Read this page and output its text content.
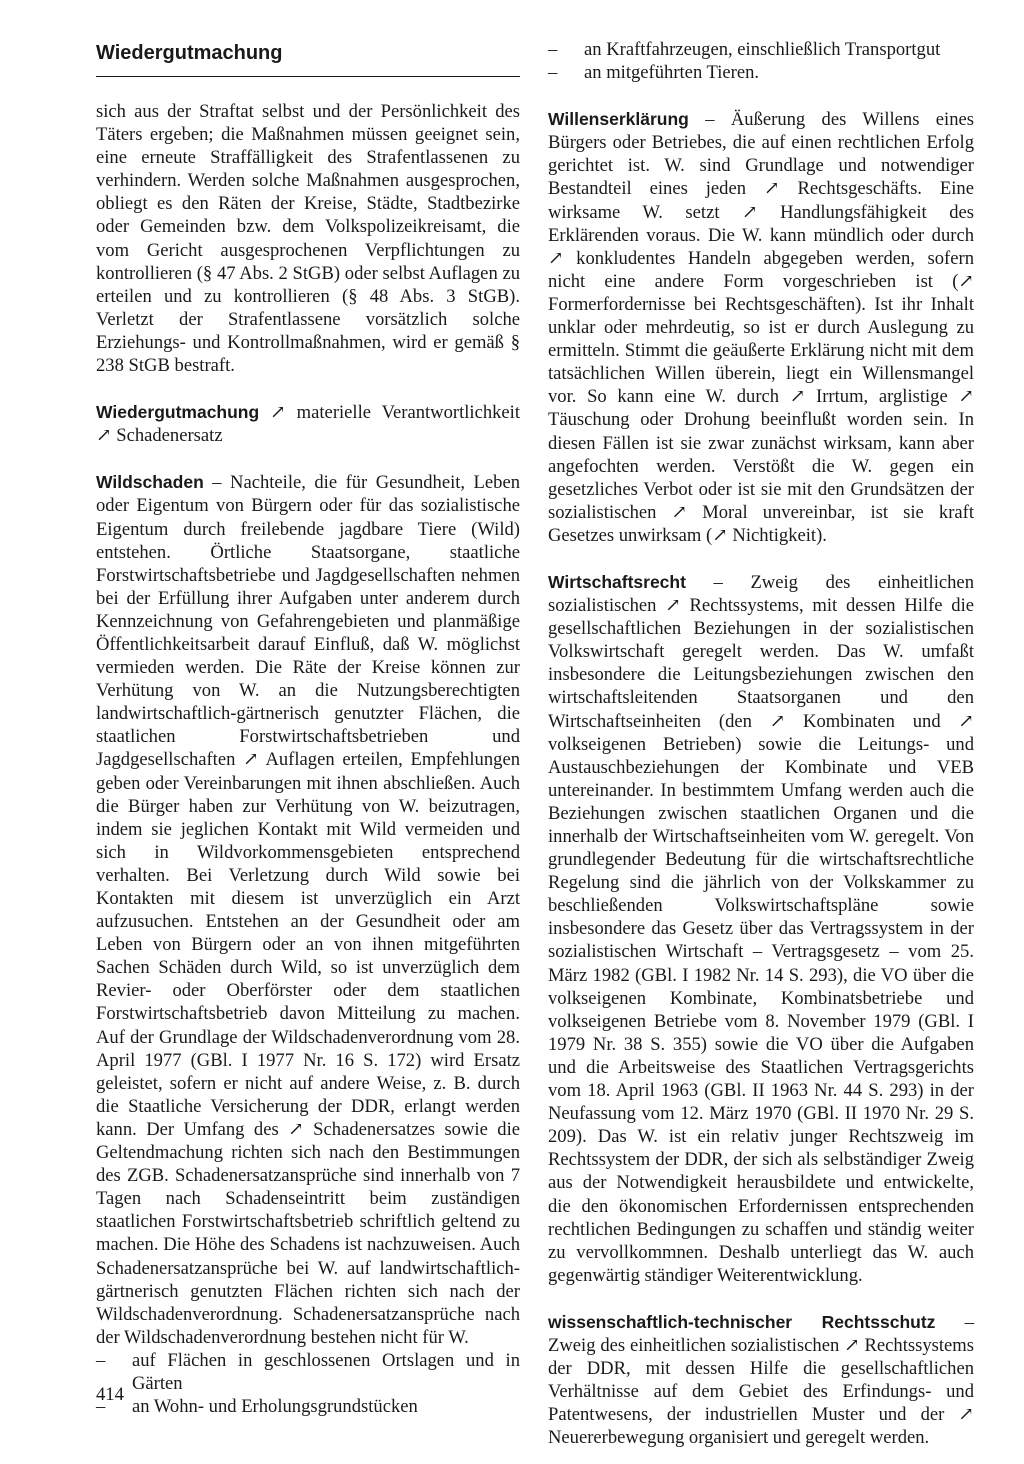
Wiedergutmachung

sich aus der Straftat selbst und der Persönlichkeit des Täters ergeben; die Maßnahmen müssen geeignet sein, eine erneute Straffälligkeit des Strafentlassenen zu verhindern. Werden solche Maßnahmen ausgesprochen, obliegt es den Räten der Kreise, Städte, Stadtbezirke oder Gemeinden bzw. dem Volkspolizeikreisamt, die vom Gericht ausgesprochenen Verpflichtungen zu kontrollieren (§ 47 Abs. 2 StGB) oder selbst Auflagen zu erteilen und zu kontrollieren (§ 48 Abs. 3 StGB). Verletzt der Strafentlassene vorsätzlich solche Erziehungs- und Kontrollmaßnahmen, wird er gemäß § 238 StGB bestraft.

Wiedergutmachung ↗ materielle Verantwortlichkeit ↗ Schadenersatz

Wildschaden – Nachteile, die für Gesundheit, Leben oder Eigentum von Bürgern oder für das sozialistische Eigentum durch freilebende jagdbare Tiere (Wild) entstehen. Örtliche Staatsorgane, staatliche Forstwirtschaftsbetriebe und Jagdgesellschaften nehmen bei der Erfüllung ihrer Aufgaben unter anderem durch Kennzeichnung von Gefahrengebieten und planmäßige Öffentlichkeitsarbeit darauf Einfluß, daß W. möglichst vermieden werden. Die Räte der Kreise können zur Verhütung von W. an die Nutzungsberechtigten landwirtschaftlich-gärtnerisch genutzter Flächen, die staatlichen Forstwirtschaftsbetrieben und Jagdgesellschaften ↗ Auflagen erteilen, Empfehlungen geben oder Vereinbarungen mit ihnen abschließen. Auch die Bürger haben zur Verhütung von W. beizutragen, indem sie jeglichen Kontakt mit Wild vermeiden und sich in Wildvorkommensgebieten entsprechend verhalten. Bei Verletzung durch Wild sowie bei Kontakten mit diesem ist unverzüglich ein Arzt aufzusuchen. Entstehen an der Gesundheit oder am Leben von Bürgern oder an von ihnen mitgeführten Sachen Schäden durch Wild, so ist unverzüglich dem Revier- oder Oberförster oder dem staatlichen Forstwirtschaftsbetrieb davon Mitteilung zu machen. Auf der Grundlage der Wildschadenverordnung vom 28. April 1977 (GBl. I 1977 Nr. 16 S. 172) wird Ersatz geleistet, sofern er nicht auf andere Weise, z. B. durch die Staatliche Versicherung der DDR, erlangt werden kann. Der Umfang des ↗ Schadenersatzes sowie die Geltendmachung richten sich nach den Bestimmungen des ZGB. Schadenersatzansprüche sind innerhalb von 7 Tagen nach Schadenseintritt beim zuständigen staatlichen Forstwirtschaftsbetrieb schriftlich geltend zu machen. Die Höhe des Schadens ist nachzuweisen. Auch Schadenersatzansprüche bei W. auf landwirtschaftlich-gärtnerisch genutzten Flächen richten sich nach der Wildschadenverordnung. Schadenersatzansprüche nach der Wildschadenverordnung bestehen nicht für W.

– auf Flächen in geschlossenen Ortslagen und in Gärten
– an Wohn- und Erholungsgrundstücken
– an Kraftfahrzeugen, einschließlich Transportgut
– an mitgeführten Tieren.

Willenserklärung – Äußerung des Willens eines Bürgers oder Betriebes, die auf einen rechtlichen Erfolg gerichtet ist. W. sind Grundlage und notwendiger Bestandteil eines jeden ↗ Rechtsgeschäfts. Eine wirksame W. setzt ↗ Handlungsfähigkeit des Erklärenden voraus. Die W. kann mündlich oder durch ↗ konkludentes Handeln abgegeben werden, sofern nicht eine andere Form vorgeschrieben ist (↗ Formerfordernisse bei Rechtsgeschäften). Ist ihr Inhalt unklar oder mehrdeutig, so ist er durch Auslegung zu ermitteln. Stimmt die geäußerte Erklärung nicht mit dem tatsächlichen Willen überein, liegt ein Willensmangel vor. So kann eine W. durch ↗ Irrtum, arglistige ↗ Täuschung oder Drohung beeinflußt worden sein. In diesen Fällen ist sie zwar zunächst wirksam, kann aber angefochten werden. Verstößt die W. gegen ein gesetzliches Verbot oder ist sie mit den Grundsätzen der sozialistischen ↗ Moral unvereinbar, ist sie kraft Gesetzes unwirksam (↗ Nichtigkeit).

Wirtschaftsrecht – Zweig des einheitlichen sozialistischen ↗ Rechtssystems, mit dessen Hilfe die gesellschaftlichen Beziehungen in der sozialistischen Volkswirtschaft geregelt werden. Das W. umfaßt insbesondere die Leitungsbeziehungen zwischen den wirtschaftsleitenden Staatsorganen und den Wirtschaftseinheiten (den ↗ Kombinaten und ↗ volkseigenen Betrieben) sowie die Leitungs- und Austauschbeziehungen der Kombinate und VEB untereinander. In bestimmtem Umfang werden auch die Beziehungen zwischen staatlichen Organen und die innerhalb der Wirtschaftseinheiten vom W. geregelt. Von grundlegender Bedeutung für die wirtschaftsrechtliche Regelung sind die jährlich von der Volkskammer zu beschließenden Volkswirtschaftspläne sowie insbesondere das Gesetz über das Vertragssystem in der sozialistischen Wirtschaft – Vertragsgesetz – vom 25. März 1982 (GBl. I 1982 Nr. 14 S. 293), die VO über die volkseigenen Kombinate, Kombinatsbetriebe und volkseigenen Betriebe vom 8. November 1979 (GBl. I 1979 Nr. 38 S. 355) sowie die VO über die Aufgaben und die Arbeitsweise des Staatlichen Vertragsgerichts vom 18. April 1963 (GBl. II 1963 Nr. 44 S. 293) in der Neufassung vom 12. März 1970 (GBl. II 1970 Nr. 29 S. 209). Das W. ist ein relativ junger Rechtszweig im Rechtssystem der DDR, der sich als selbständiger Zweig aus der Notwendigkeit herausbildete und entwickelte, die den ökonomischen Erfordernissen entsprechenden rechtlichen Bedingungen zu schaffen und ständig weiter zu vervollkommnen. Deshalb unterliegt das W. auch gegenwärtig ständiger Weiterentwicklung.

wissenschaftlich-technischer Rechtsschutz – Zweig des einheitlichen sozialistischen ↗ Rechtssystems der DDR, mit dessen Hilfe die gesellschaftlichen Verhältnisse auf dem Gebiet des Erfindungs- und Patentwesens, der industriellen Muster und der ↗ Neuererbewegung organisiert und geregelt werden.

414
